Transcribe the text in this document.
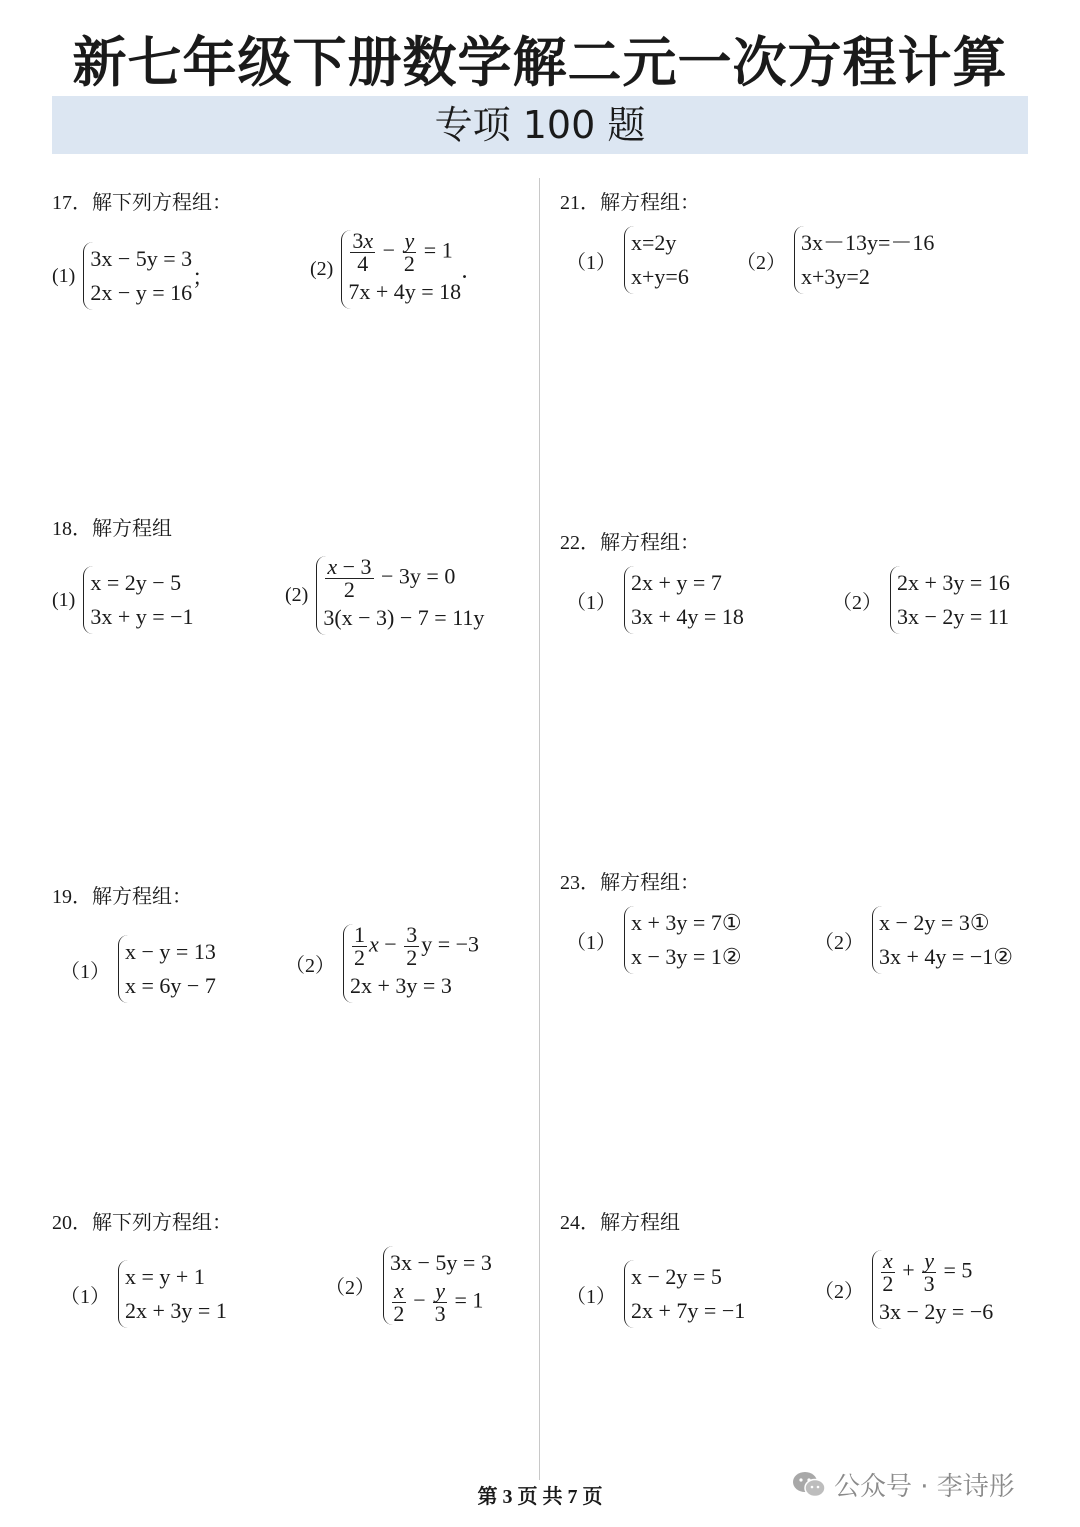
新七年级下册数学解二元一次方程计算
专项 100 题
17．解下列方程组：
(1)
3x − 5y = 3
2x − y = 16
；	$(2) \frac{3x}{4} - \frac{y}{2} = 1$
7x + 4y = 18
．
18．解方程组
(1)
x = 2y − 5
3x + y = −1
$(2) \frac{x - 3}{2} - 3y = 0$
3(x − 3) − 7 = 11y
19．解方程组：
（1）
x − y = 13
x = 6y − 7
$(2) \frac{1}{2}$ $x - \frac{3}{2}$ y = −3
2x + 3y = 3
20．解下列方程组：
（1）
x = y + 1
2x + 3y = 1
（2）
3x − 5y = 3
$\frac{x}{2} - \frac{y}{3} = 1$
21．解方程组：
（1）
x=2y
x+y=6
（2）
3x－13y=－16
x+3y=2
22．解方程组：
（1）
2x + y = 7
3x + 4y = 18
（2）
2x + 3y = 16
3x − 2y = 11
23．解方程组：
（1）
x + 3y = 7①
x − 3y = 1②
（2）
x − 2y = 3①
3x + 4y = −1②
24．解方程组
（1）
x − 2y = 5
2x + 7y = −1
$(2) \frac{x}{2} + \frac{y}{3} = 5$
3x − 2y = −6
第 3 页 共 7 页	公众号 · 李诗彤
